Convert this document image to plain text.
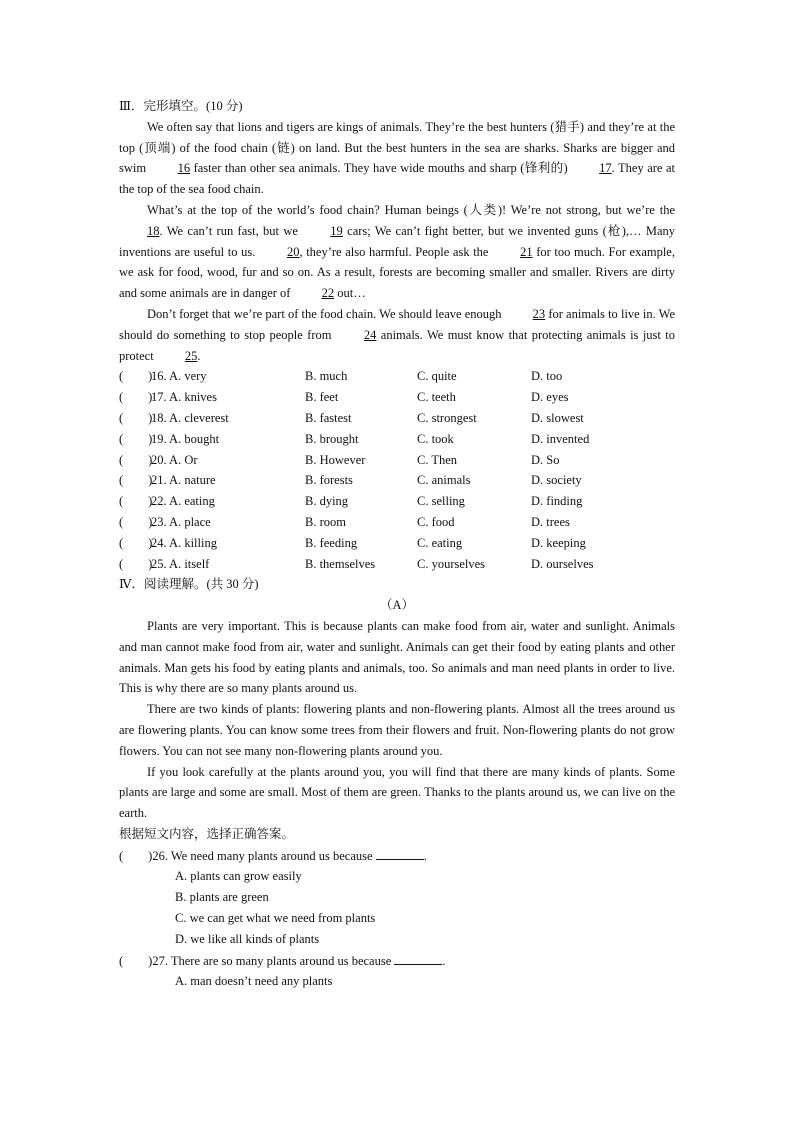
Ⅲ．完形填空。(10 分)

We often say that lions and tigers are kings of animals. They’re the best hunters (猎手) and they’re at the top (顶端) of the food chain (链) on land. But the best hunters in the sea are sharks. Sharks are bigger and swim 16 faster than other sea animals. They have wide mouths and sharp (锋利的) 17. They are at the top of the sea food chain.

What’s at the top of the world’s food chain? Human beings (人类)! We’re not strong, but we’re the 18. We can’t run fast, but we 19 cars; We can’t fight better, but we invented guns (枪),… Many inventions are useful to us. 20, they’re also harmful. People ask the 21 for too much. For example, we ask for food, wood, fur and so on. As a result, forests are becoming smaller and smaller. Rivers are dirty and some animals are in danger of 22 out…

Don’t forget that we’re part of the food chain. We should leave enough 23 for animals to live in. We should do something to stop people from 24 animals. We must know that protecting animals is just to protect 25.

(　　)
16. A. very	B. much	C. quite	D. too
(　　)
17. A. knives	B. feet	C. teeth	D. eyes
(　　)
18. A. cleverest	B. fastest	C. strongest	D. slowest
(　　)
19. A. bought	B. brought	C. took	D. invented
(　　)
20. A. Or	B. However	C. Then	D. So
(　　)
21. A. nature	B. forests	C. animals	D. society
(　　)
22. A. eating	B. dying	C. selling	D. finding
(　　)
23. A. place	B. room	C. food	D. trees
(　　)
24. A. killing	B. feeding	C. eating	D. keeping
(　　)
25. A. itself	B. themselves	C. yourselves	D. ourselves

Ⅳ．阅读理解。(共 30 分)

（A）

Plants are very important. This is because plants can make food from air, water and sunlight. Animals and man cannot make food from air, water and sunlight. Animals can get their food by eating plants and other animals. Man gets his food by eating plants and animals, too. So animals and man need plants in order to live. This is why there are so many plants around us.

There are two kinds of plants: flowering plants and non-flowering plants. Almost all the trees around us are flowering plants. You can know some trees from their flowers and fruit. Non-flowering plants do not grow flowers. You can not see many non-flowering plants around you.

If you look carefully at the plants around you, you will find that there are many kinds of plants. Some plants are large and some are small. Most of them are green. Thanks to the plants around us, we can live on the earth.

根据短文内容，选择正确答案。

(　　)26. We need many plants around us because	.

A. plants can grow easily

B. plants are green

C. we can get what we need from plants

D. we like all kinds of plants

(　　)27. There are so many plants around us because	.

A. man doesn’t need any plants
